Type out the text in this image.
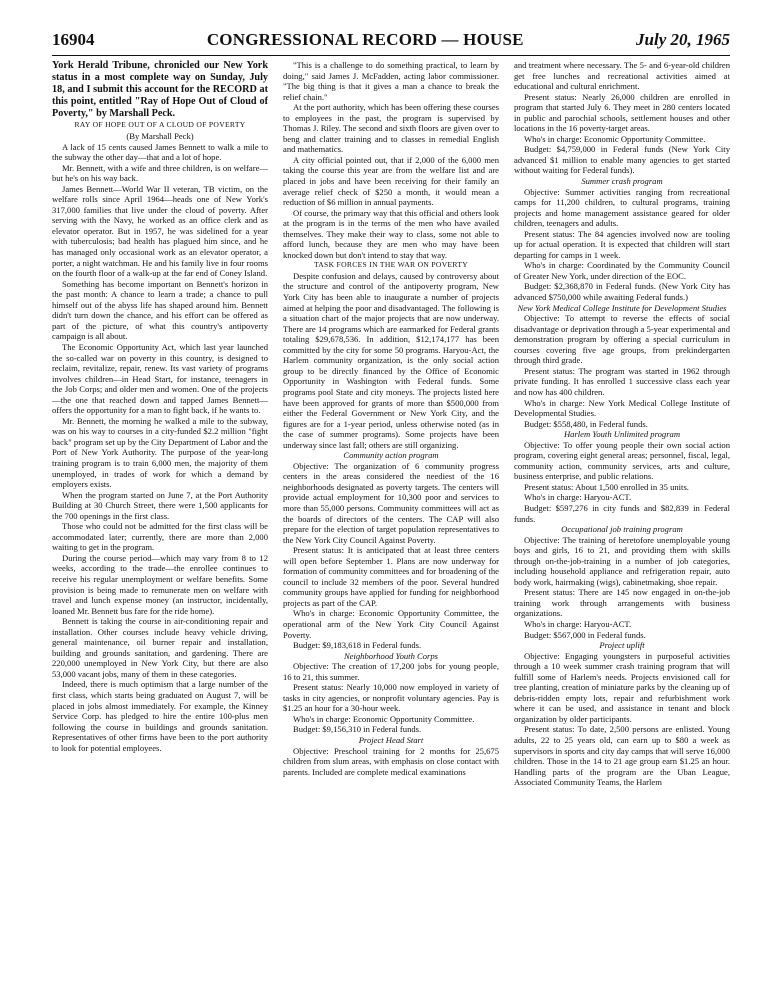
16904	CONGRESSIONAL RECORD — HOUSE	July 20, 1965

York Herald Tribune, chronicled our New York status in a most complete way on Sunday, July 18, and I submit this account for the RECORD at this point, entitled "Ray of Hope Out of Cloud of Poverty," by Marshall Peck.

RAY OF HOPE OUT OF A CLOUD OF POVERTY

(By Marshall Peck)

A lack of 15 cents caused James Bennett to walk a mile to the subway the other day—that and a lot of hope.

Mr. Bennett, with a wife and three children, is on welfare—but he's on his way back.

James Bennett—World War II veteran, TB victim, on the welfare rolls since April 1964—heads one of New York's 317,000 families that live under the cloud of poverty. After serving with the Navy, he worked as an office clerk and as elevator operator. But in 1957, he was sidelined for a year with tuberculosis; bad health has plagued him since, and he has managed only occasional work as an elevator operator, a porter, a night watchman. He and his family live in four rooms on the fourth floor of a walk-up at the far end of Coney Island.

Something has become important on Bennett's horizon in the past month: A chance to learn a trade; a chance to pull himself out of the abyss life has shaped around him. Bennett didn't turn down the chance, and his effort can be offered as part of the picture, of what this country's antipoverty campaign is all about.

The Economic Opportunity Act, which last year launched the so-called war on poverty in this country, is designed to reclaim, revitalize, repair, renew. Its vast variety of programs involves children—in Head Start, for instance, teenagers in the Job Corps; and older men and women. One of the projects—the one that reached down and tapped James Bennett—offers the opportunity for a man to fight back, if he wants to.

Mr. Bennett, the morning he walked a mile to the subway, was on his way to courses in a city-funded $2.2 million "fight back" program set up by the City Department of Labor and the Port of New York Authority. The purpose of the year-long training program is to train 6,000 men, the majority of them unemployed, in trades of work for which a demand by employers exists.

When the program started on June 7, at the Port Authority Building at 30 Church Street, there were 1,500 applicants for the 700 openings in the first class.

Those who could not be admitted for the first class will be accommodated later; currently, there are more than 2,000 waiting to get in the program.

During the course period—which may vary from 8 to 12 weeks, according to the trade—the enrollee continues to receive his regular unemployment or welfare benefits. Some provision is being made to remunerate men on welfare with travel and lunch expense money (an instructor, incidentally, loaned Mr. Bennett bus fare for the ride home).

Bennett is taking the course in air-conditioning repair and installation. Other courses include heavy vehicle driving, general maintenance, oil burner repair and installation, building and grounds sanitation, and gardening. There are 220,000 unemployed in New York City, but there are also 53,000 vacant jobs, many of them in these categories.

Indeed, there is much optimism that a large number of the first class, which starts being graduated on August 7, will be placed in jobs almost immediately. For example, the Kinney Service Corp. has pledged to hire the entire 100-plus men following the course in buildings and grounds sanitation. Representatives of other firms have been to the port authority to look for potential employees.

"This is a challenge to do something practical, to learn by doing," said James J. McFadden, acting labor commissioner. "The big thing is that it gives a man a chance to break the relief chain."

At the port authority, which has been offering these courses to employees in the past, the program is supervised by Thomas J. Riley. The second and sixth floors are given over to beng and clatter training and to classes in remedial English and mathematics.

A city official pointed out, that if 2,000 of the 6,000 men taking the course this year are from the welfare list and are placed in jobs and have been receiving for their family an average relief check of $250 a month, it would mean a reduction of $6 million in annual payments.

Of course, the primary way that this official and others look at the program is in the terms of the men who have availed themselves. They make their way to class, some not able to afford lunch, because they are men who may have been knocked down but don't intend to stay that way.

TASK FORCES IN THE WAR ON POVERTY

Despite confusion and delays, caused by controversy about the structure and control of the antipoverty program, New York City has been able to inaugurate a number of projects aimed at helping the poor and disadvantaged. The following is a situation chart of the major projects that are now underway. There are 14 programs which are earmarked for Federal grants totaling $29,678,536. In addition, $12,174,177 has been committed by the city for some 50 programs. Haryou-Act, the Harlem community organization, is the only social action group to be directly financed by the Office of Economic Opportunity in Washington with Federal funds. Some programs pool State and city moneys. The projects listed here have been approved for grants of more than $500,000 from either the Federal Government or New York City, and the figures are for a 1-year period, unless otherwise noted (as in the case of summer programs). Some projects have been underway since last fall; others are still organizing.

Community action program

Objective: The organization of 6 community progress centers in the areas considered the neediest of the 16 neighborhoods designated as poverty targets. The centers will provide actual employment for 10,300 poor and services to more than 55,000 persons. Community committees will act as the boards of directors of the centers. The CAP will also prepare for the election of target population representatives to the New York City Council Against Poverty.

Present status: It is anticipated that at least three centers will open before September 1. Plans are now underway for formation of community committees and for broadening of the council to include 32 members of the poor. Several hundred community groups have applied for funding for neighborhood projects as part of the CAP.

Who's in charge: Economic Opportunity Committee, the operational arm of the New York City Council Against Poverty.

Budget: $9,183,618 in Federal funds.

Neighborhood Youth Corps

Objective: The creation of 17,200 jobs for young people, 16 to 21, this summer.

Present status: Nearly 10,000 now employed in variety of tasks in city agencies, or nonprofit voluntary agencies. Pay is $1.25 an hour for a 30-hour week.

Who's in charge: Economic Opportunity Committee.

Budget: $9,156,310 in Federal funds.

Project Head Start

Objective: Preschool training for 2 months for 25,675 children from slum areas, with emphasis on close contact with parents. Included are complete medical examinations

and treatment where necessary. The 5- and 6-year-old children get free lunches and recreational activities aimed at educational and cultural enrichment.

Present status: Nearly 26,000 children are enrolled in program that started July 6. They meet in 280 centers located in public and parochial schools, settlement houses and other locations in the 16 poverty-target areas.

Who's in charge: Economic Opportunity Committee.

Budget: $4,759,000 in Federal funds (New York City advanced $1 million to enable many agencies to get started without waiting for Federal funds).

Summer crash program

Objective: Summer activities ranging from recreational camps for 11,200 children, to cultural programs, training projects and home management assistance geared for older children, teenagers and adults.

Present status: The 84 agencies involved now are tooling up for actual operation. It is expected that children will start departing for camps in 1 week.

Who's in charge: Coordinated by the Community Council of Greater New York, under direction of the EOC.

Budget: $2,368,870 in Federal funds. (New York City has advanced $750,000 while awaiting Federal funds.)

New York Medical College Institute for Development Studies

Objective: To attempt to reverse the effects of social disadvantage or deprivation through a 5-year experimental and demonstration program by offering a special curriculum in courses covering five age groups, from prekindergarten through third grade.

Present status: The program was started in 1962 through private funding. It has enrolled 1 successive class each year and now has 400 children.

Who's in charge: New York Medical College Institute of Developmental Studies.

Budget: $558,480, in Federal funds.

Harlem Youth Unlimited program

Objective: To offer young people their own social action program, covering eight general areas; personnel, fiscal, legal, community action, community services, arts and culture, business enterprise, and public relations.

Present status: About 1,500 enrolled in 35 units.

Who's in charge: Haryou-ACT.

Budget: $597,276 in city funds and $82,839 in Federal funds.

Occupational job training program

Objective: The training of heretofore unemployable young boys and girls, 16 to 21, and providing them with skills through on-the-job-training in a number of job categories, including household appliance and refrigeration repair, auto body work, hairmaking (wigs), cabinetmaking, shoe repair.

Present status: There are 145 now engaged in on-the-job training work through arrangements with business organizations.

Who's in charge: Haryou-ACT.

Budget: $567,000 in Federal funds.

Project uplift

Objective: Engaging youngsters in purposeful activities through a 10 week summer crash training program that will fulfill some of Harlem's needs. Projects envisioned call for tree planting, creation of miniature parks by the cleaning up of debris-ridden empty lots, repair and refurbishment work where it can be used, and assistance in tenant and block organization by older participants.

Present status: To date, 2,500 persons are enlisted. Young adults, 22 to 25 years old, can earn up to $80 a week as supervisors in sports and city day camps that will serve 16,000 children. Those in the 14 to 21 age group earn $1.25 an hour. Handling parts of the program are the Uban League, Associated Community Teams, the Harlem
